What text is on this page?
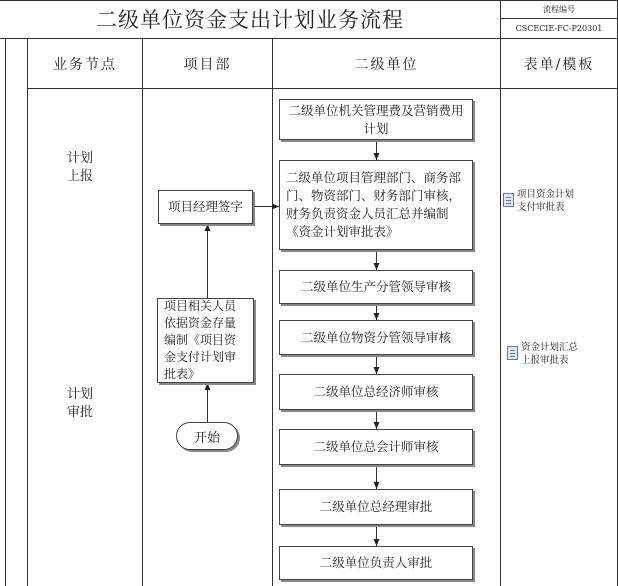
二级单位资金支出计划业务流程	流程编号
CSCECIE-FC-P20301
业务节点	项目部	二级单位	表单/模板
计划
上报
计划
审批
项目经理签字
项目相关人员依据资金存量编制《项目资金支付计划审批表》
开始
二级单位机关管理费及营销费用计划
二级单位项目管理部门、商务部门、物资部门、财务部门审核，财务负责资金人员汇总并编制《资金计划审批表》
二级单位生产分管领导审核
二级单位物资分管领导审核
二级单位总经济师审核
二级单位总会计师审核
二级单位总经理审批
二级单位负责人审批
项目资金计划
支付审批表
资金计划汇总
上报审批表
